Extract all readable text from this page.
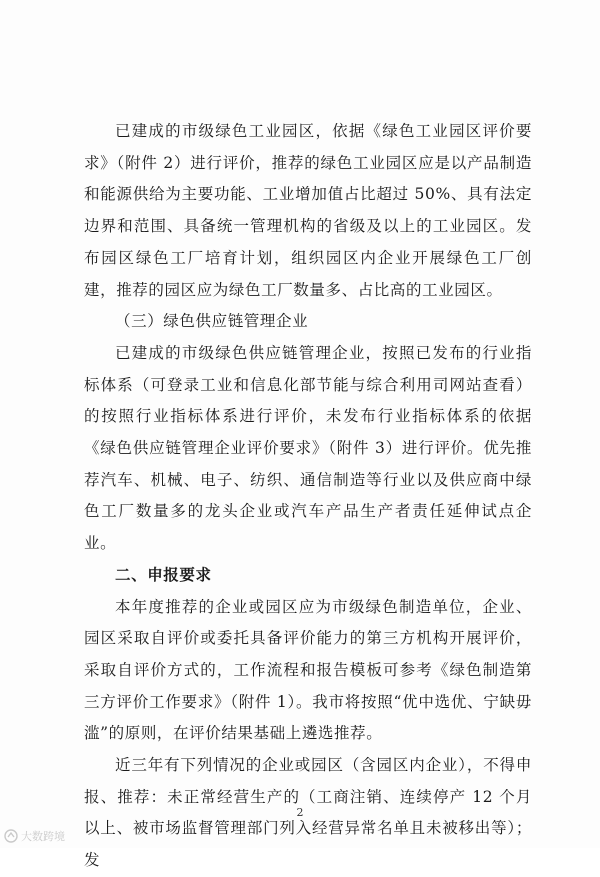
已建成的市级绿色工业园区，依据《绿色工业园区评价要求》（附件 2）进行评价，推荐的绿色工业园区应是以产品制造和能源供给为主要功能、工业增加值占比超过 50%、具有法定边界和范围、具备统一管理机构的省级及以上的工业园区。发布园区绿色工厂培育计划，组织园区内企业开展绿色工厂创建，推荐的园区应为绿色工厂数量多、占比高的工业园区。

（三）绿色供应链管理企业

已建成的市级绿色供应链管理企业，按照已发布的行业指标体系（可登录工业和信息化部节能与综合利用司网站查看）的按照行业指标体系进行评价，未发布行业指标体系的依据《绿色供应链管理企业评价要求》（附件 3）进行评价。优先推荐汽车、机械、电子、纺织、通信制造等行业以及供应商中绿色工厂数量多的龙头企业或汽车产品生产者责任延伸试点企业。

二、申报要求

本年度推荐的企业或园区应为市级绿色制造单位，企业、园区采取自评价或委托具备评价能力的第三方机构开展评价，采取自评价方式的，工作流程和报告模板可参考《绿色制造第三方评价工作要求》（附件 1）。我市将按照“优中选优、宁缺毋滥”的原则，在评价结果基础上遴选推荐。

近三年有下列情况的企业或园区（含园区内企业），不得申报、推荐：未正常经营生产的（工商注销、连续停产 12 个月以上、被市场监督管理部门列入经营异常名单且未被移出等）；发

2
大数跨境
